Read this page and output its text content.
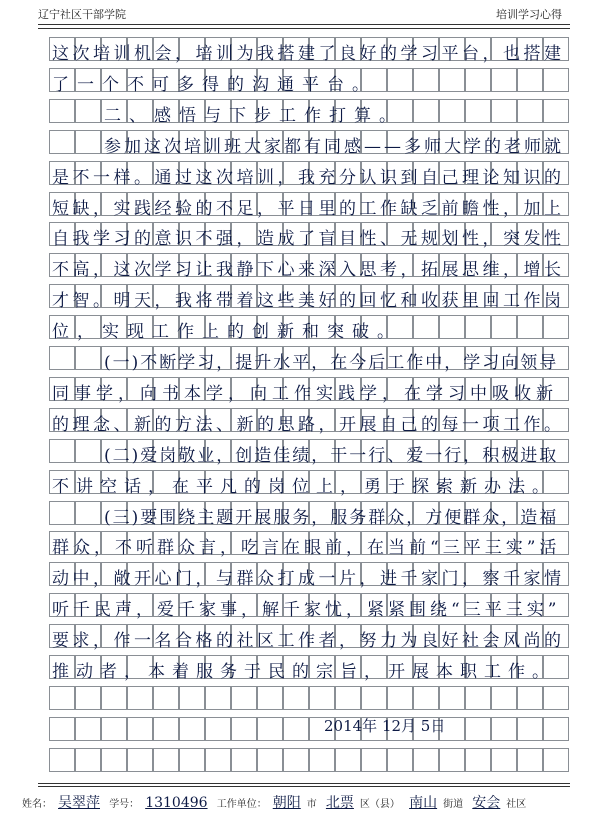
辽宁社区干部学院	培训学习心得
这次培训机会，培训为我搭建了良好的学习平台，也搭建
了一个不可多得的沟通平台。
二、感悟与下步工作打算。
参加这次培训班大家都有同感——多师大学的老师就
是不一样。通过这次培训，我充分认识到自己理论知识的
短缺，实践经验的不足，平日里的工作缺乏前瞻性，加上
自我学习的意识不强，造成了盲目性、无规划性，突发性
不高，这次学习让我静下心来深入思考，拓展思维，增长
才智。明天，我将带着这些美好的回忆和收获里回工作岗
位，实现工作上的创新和突破。
(一)不断学习，提升水平，在今后工作中，学习向领导
同事学，向书本学，向工作实践学，在学习中吸收新
的理念、新的方法、新的思路，开展自己的每一项工作。
(二)爱岗敬业，创造佳绩，干一行、爱一行，积极进取
不讲空话，在平凡的岗位上，勇于探索新办法。
(三)要围绕主题开展服务，服务群众，方便群众，造福
群众，不听群众言，吃言在眼前，在当前“三平三实”活
动中，敞开心门，与群众打成一片，进千家门，察千家情
听千民声，爱千家事，解千家忧，紧紧围绕“三平三实”
要求，作一名合格的社区工作者，努力为良好社会风尚的
推动者，本着服务于民的宗旨，开展本职工作。
2014年 12月 5日
姓名： 吴翠萍 学号： 1310496 工作单位： 朝阳 市 北票 区（县） 南山 街道 安会 社区
